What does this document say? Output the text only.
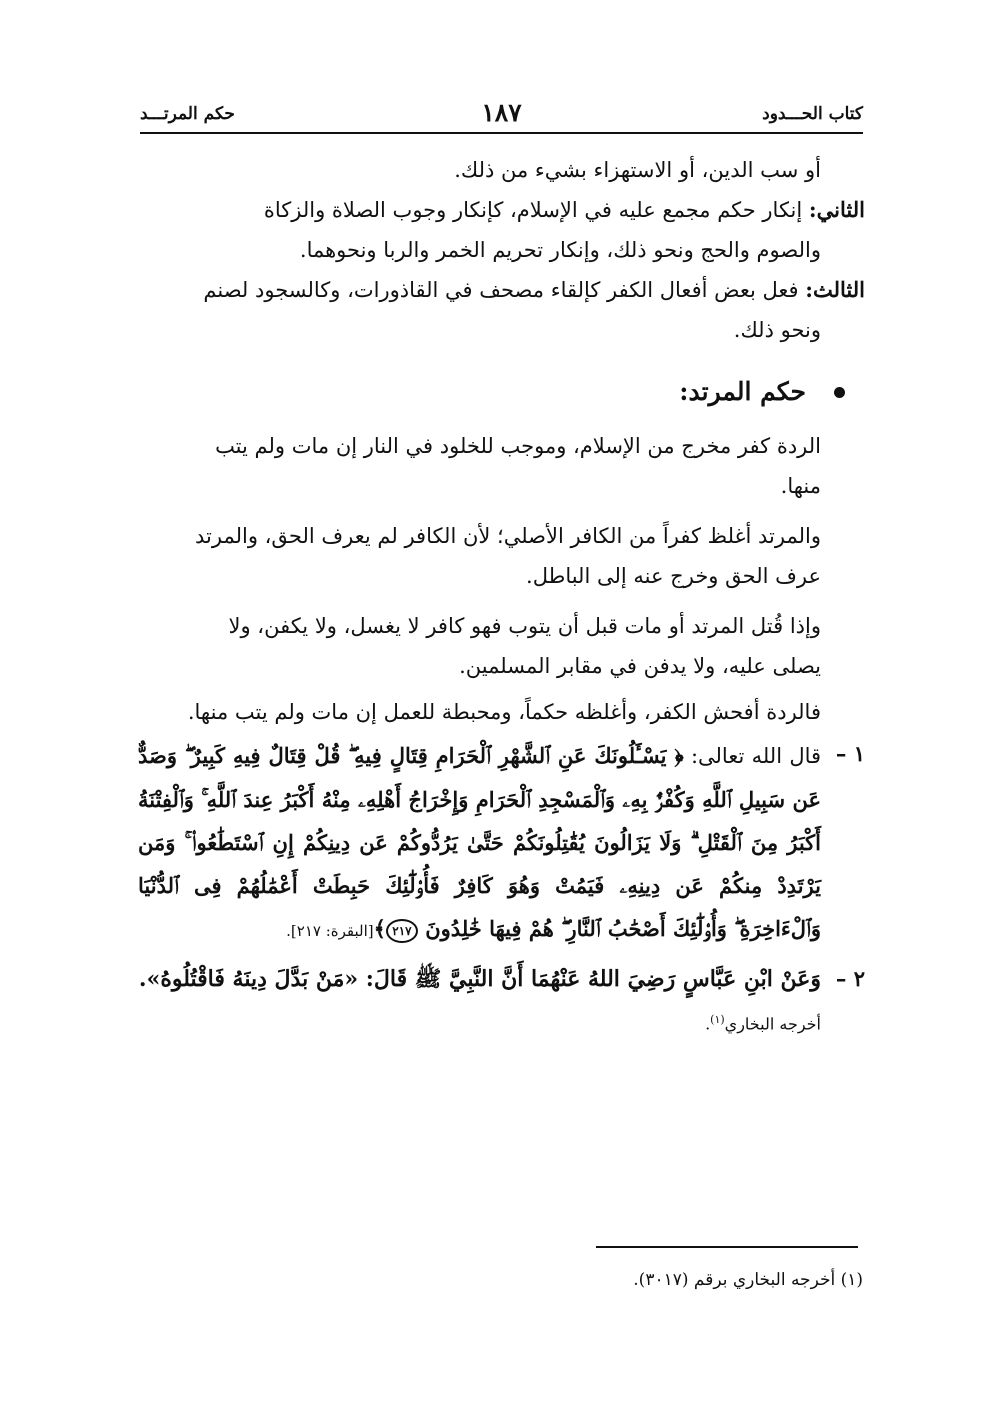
كتاب الحـــدود
١٨٧
حكم المرتـــد
أو سب الدين، أو الاستهزاء بشيء من ذلك.
الثاني: إنكار حكم مجمع عليه في الإسلام، كإنكار وجوب الصلاة والزكاة
والصوم والحج ونحو ذلك، وإنكار تحريم الخمر والربا ونحوهما.
الثالث: فعل بعض أفعال الكفر كإلقاء مصحف في القاذورات، وكالسجود لصنم
ونحو ذلك.
حكم المرتد:
الردة كفر مخرج من الإسلام، وموجب للخلود في النار إن مات ولم يتب
منها.
والمرتد أغلظ كفراً من الكافر الأصلي؛ لأن الكافر لم يعرف الحق، والمرتد
عرف الحق وخرج عنه إلى الباطل.
وإذا قُتل المرتد أو مات قبل أن يتوب فهو كافر لا يغسل، ولا يكفن، ولا
يصلى عليه، ولا يدفن في مقابر المسلمين.
فالردة أفحش الكفر، وأغلظه حكماً، ومحبطة للعمل إن مات ولم يتب منها.
١ –
قال الله تعالى: ﴿ يَسْـَٔلُونَكَ عَنِ ٱلشَّهْرِ ٱلْحَرَامِ قِتَالٍ فِيهِ ۖ قُلْ قِتَالٌ فِيهِ كَبِيرٌ ۖ وَصَدٌّ عَن سَبِيلِ ٱللَّهِ وَكُفْرٌۢ بِهِۦ وَٱلْمَسْجِدِ ٱلْحَرَامِ وَإِخْرَاجُ أَهْلِهِۦ مِنْهُ أَكْبَرُ عِندَ ٱللَّهِ ۚ وَٱلْفِتْنَةُ أَكْبَرُ مِنَ ٱلْقَتْلِ ۗ وَلَا يَزَالُونَ يُقَٰتِلُونَكُمْ حَتَّىٰ يَرُدُّوكُمْ عَن دِينِكُمْ إِنِ ٱسْتَطَٰعُوا۟ ۚ وَمَن يَرْتَدِدْ مِنكُمْ عَن دِينِهِۦ فَيَمُتْ وَهُوَ كَافِرٌ فَأُو۟لَٰٓئِكَ حَبِطَتْ أَعْمَٰلُهُمْ فِى ٱلدُّنْيَا وَٱلْءَاخِرَةِ ۖ وَأُو۟لَٰٓئِكَ أَصْحَٰبُ ٱلنَّارِ ۖ هُمْ فِيهَا خَٰلِدُونَ ٢١٧﴾[البقرة: ٢١٧].
٢ –
وَعَنْ ابْنِ عَبَّاسٍ رَضِيَ اللهُ عَنْهُمَا أَنَّ النَّبِيَّ ﷺ قَالَ: «مَنْ بَدَّلَ دِينَهُ فَاقْتُلُوهُ».
أخرجه البخاري$^{(١)}$.
(١) أخرجه البخاري برقم (٣٠١٧).
